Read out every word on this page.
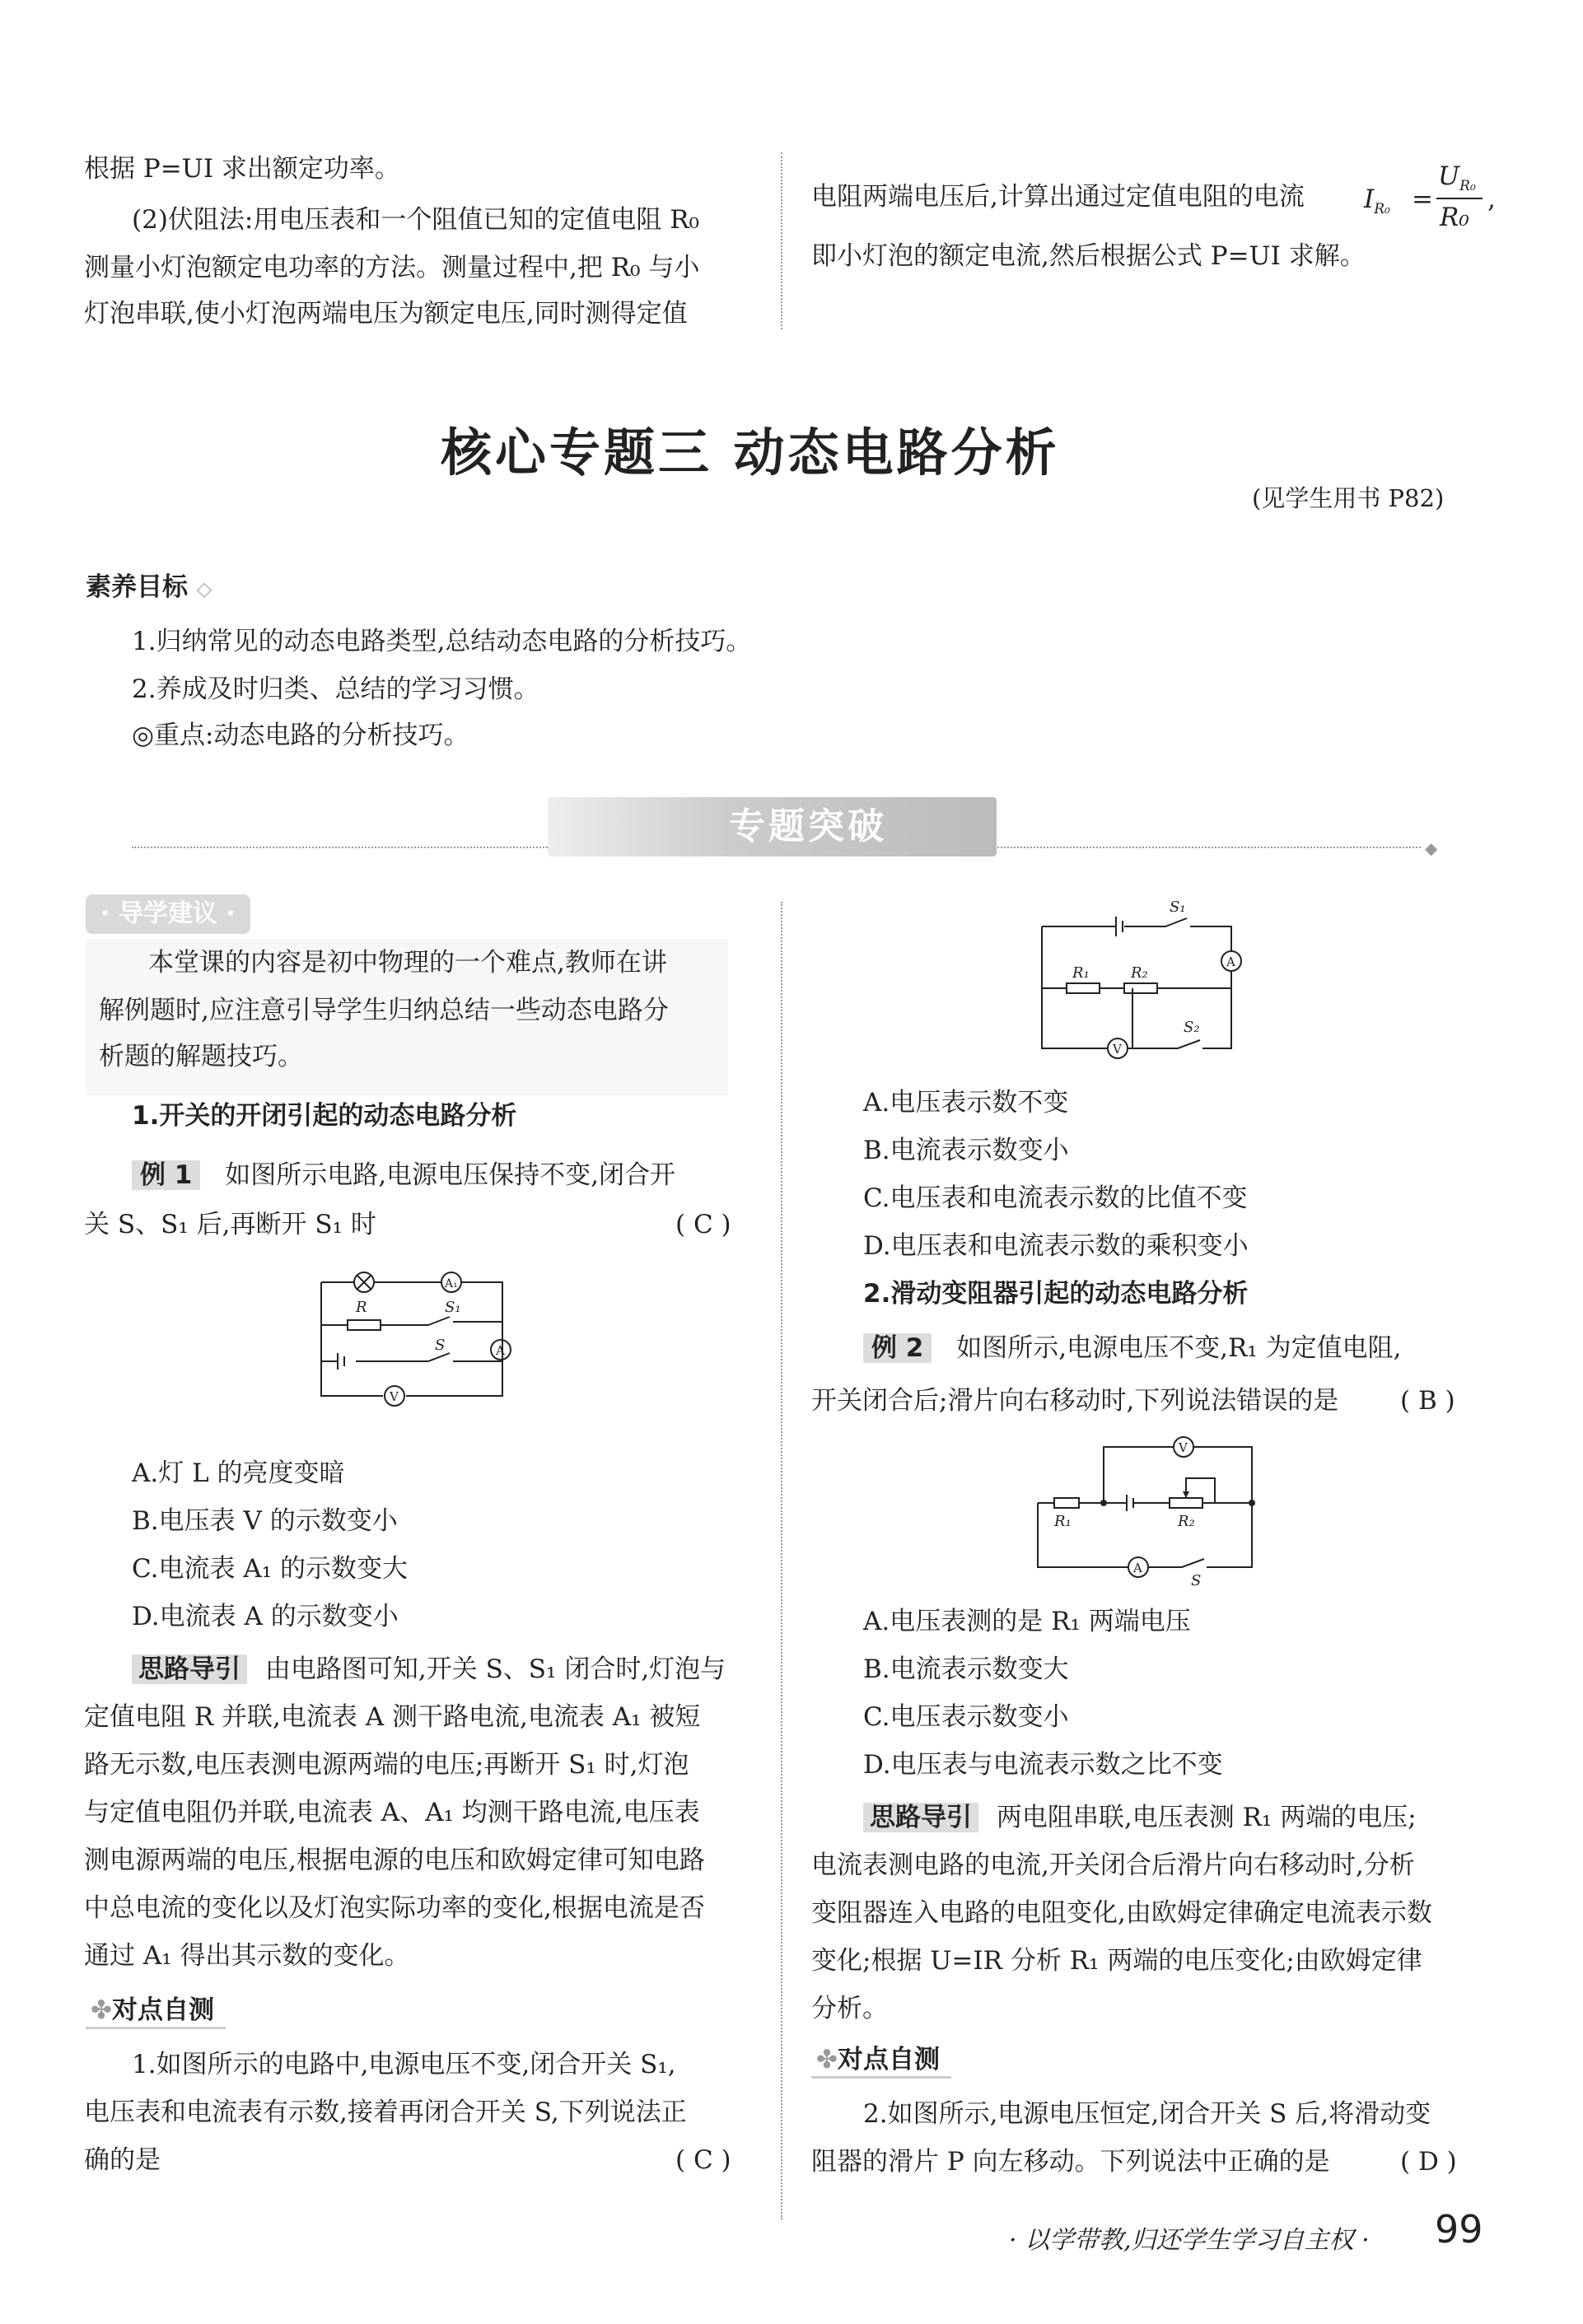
根据 P=UI 求出额定功率。
(2)伏阻法:用电压表和一个阻值已知的定值电阻 R₀
测量小灯泡额定电功率的方法。测量过程中,把 R₀ 与小
灯泡串联,使小灯泡两端电压为额定电压,同时测得定值
电阻两端电压后,计算出通过定值电阻的电流 $I_{R_0}$ =
$U_{R_0}$
R₀
,
即小灯泡的额定电流,然后根据公式 P=UI 求解。
核心专题三 动态电路分析
(见学生用书 P82)
素养目标 ◇
1.归纳常见的动态电路类型,总结动态电路的分析技巧。
2.养成及时归类、总结的学习习惯。
◎重点:动态电路的分析技巧。
专题突破
◆
· 导学建议 ·
本堂课的内容是初中物理的一个难点,教师在讲
解例题时,应注意引导学生归纳总结一些动态电路分
析题的解题技巧。
1.开关的开闭引起的动态电路分析
例 1 如图所示电路,电源电压保持不变,闭合开
关 S、S₁ 后,再断开 S₁ 时	( C )
R	S₁
S
A₁
A
V
A.灯 L 的亮度变暗
B.电压表 V 的示数变小
C.电流表 A₁ 的示数变大
D.电流表 A 的示数变小
思路导引 由电路图可知,开关 S、S₁ 闭合时,灯泡与
定值电阻 R 并联,电流表 A 测干路电流,电流表 A₁ 被短
路无示数,电压表测电源两端的电压;再断开 S₁ 时,灯泡
与定值电阻仍并联,电流表 A、A₁ 均测干路电流,电压表
测电源两端的电压,根据电源的电压和欧姆定律可知电路
中总电流的变化以及灯泡实际功率的变化,根据电流是否
通过 A₁ 得出其示数的变化。
✤对点自测
1.如图所示的电路中,电源电压不变,闭合开关 S₁,
电压表和电流表有示数,接着再闭合开关 S,下列说法正
确的是	( C )
S₁
R₁	R₂
S₂
A
V
A.电压表示数不变
B.电流表示数变小
C.电压表和电流表示数的比值不变
D.电压表和电流表示数的乘积变小
2.滑动变阻器引起的动态电路分析
例 2 如图所示,电源电压不变,R₁ 为定值电阻,
开关闭合后;滑片向右移动时,下列说法错误的是 ( B )
V
R₁	R₂
A
S
A.电压表测的是 R₁ 两端电压
B.电流表示数变大
C.电压表示数变小
D.电压表与电流表示数之比不变
思路导引 两电阻串联,电压表测 R₁ 两端的电压;
电流表测电路的电流,开关闭合后滑片向右移动时,分析
变阻器连入电路的电阻变化,由欧姆定律确定电流表示数
变化;根据 U=IR 分析 R₁ 两端的电压变化;由欧姆定律
分析。
✤对点自测
2.如图所示,电源电压恒定,闭合开关 S 后,将滑动变
阻器的滑片 P 向左移动。下列说法中正确的是	( D )
· 以学带教,归还学生学习自主权 · 99
